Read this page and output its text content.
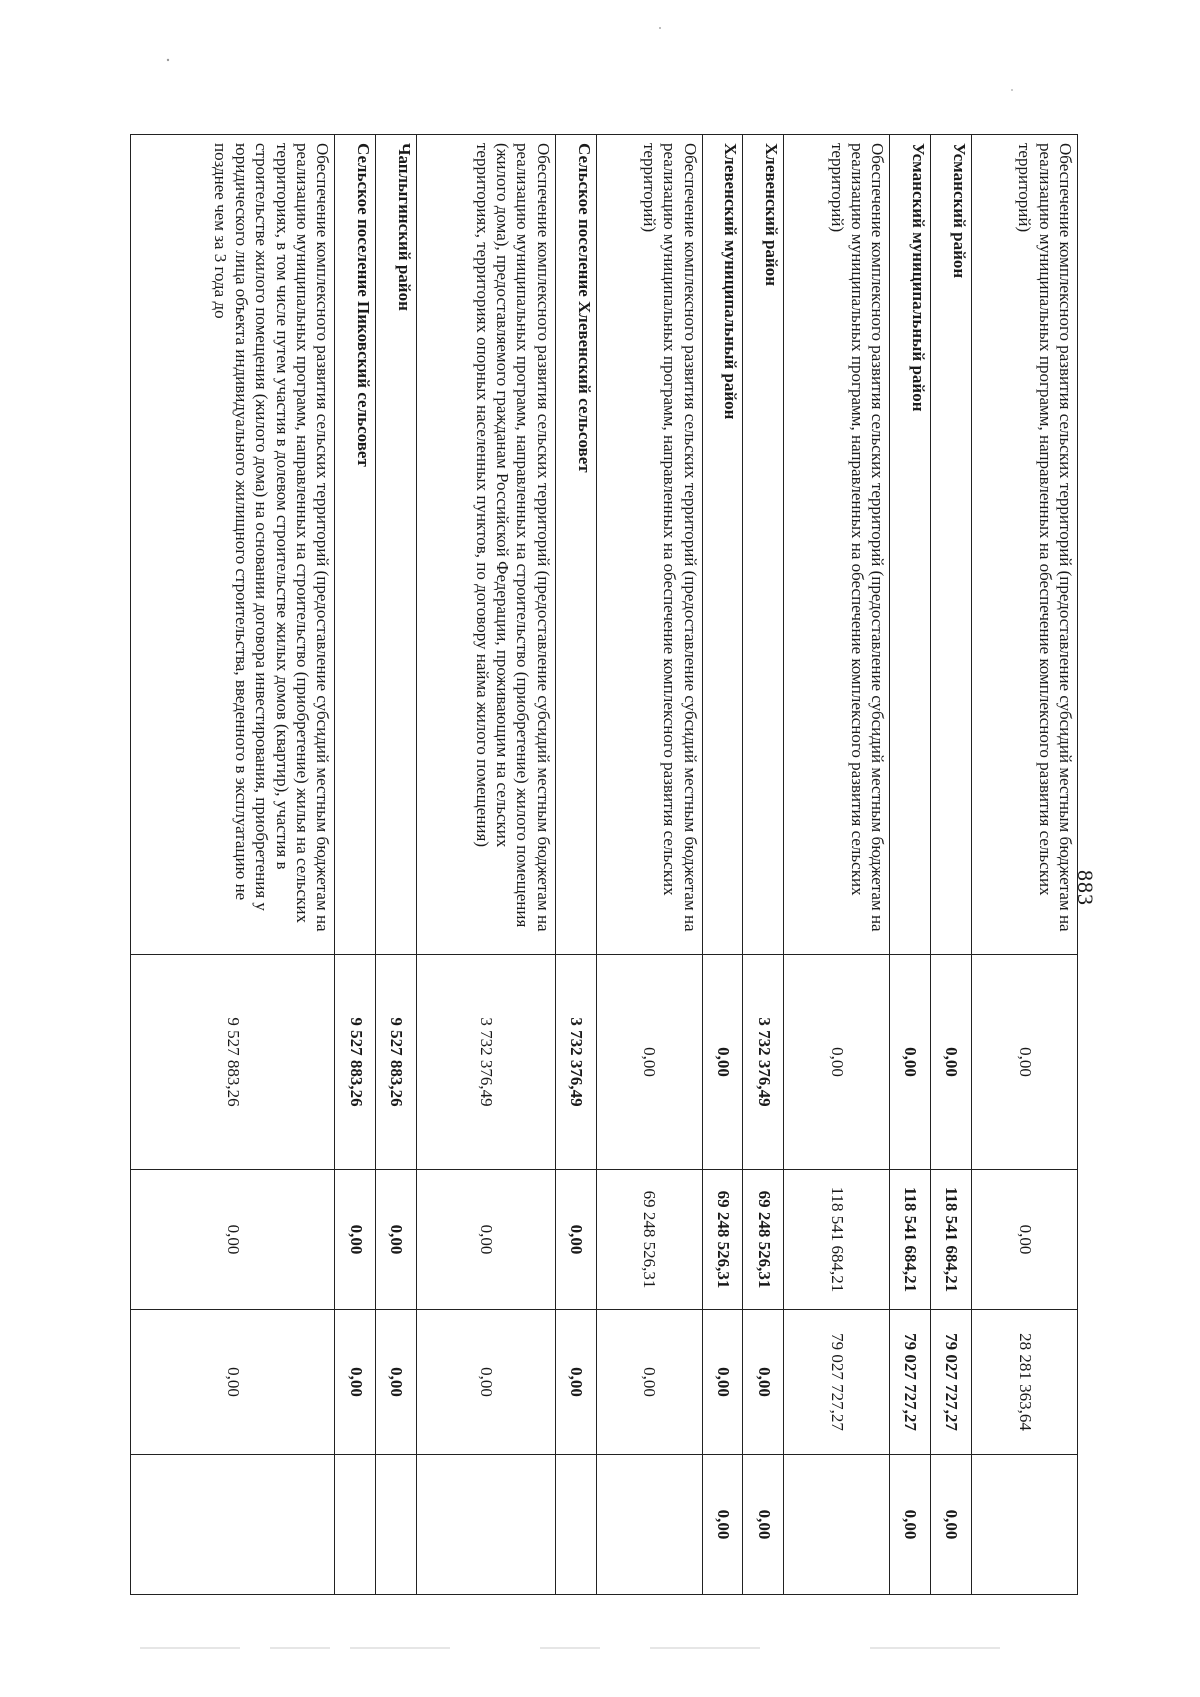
883
Обеспечение комплексного развития сельских территорий (предоставление субсидий местным бюджетам на реализацию муниципальных программ, направленных на обеспечение комплексного развития сельских территорий)	0,00	0,00	28 281 363,64	
Усманский район	0,00	118 541 684,21	79 027 727,27	0,00
Усманский муниципальный район	0,00	118 541 684,21	79 027 727,27	0,00
Обеспечение комплексного развития сельских территорий (предоставление субсидий местным бюджетам на реализацию муниципальных программ, направленных на обеспечение комплексного развития сельских территорий)	0,00	118 541 684,21	79 027 727,27	
Хлевенский район	3 732 376,49	69 248 526,31	0,00	0,00
Хлевенский муниципальный район	0,00	69 248 526,31	0,00	0,00
Обеспечение комплексного развития сельских территорий (предоставление субсидий местным бюджетам на реализацию муниципальных программ, направленных на обеспечение комплексного развития сельских территорий)	0,00	69 248 526,31	0,00	
Сельское поселение Хлевенский сельсовет	3 732 376,49	0,00	0,00	
Обеспечение комплексного развития сельских территорий (предоставление субсидий местным бюджетам на реализацию муниципальных программ, направленных на строительство (приобретение) жилого помещения (жилого дома), предоставляемого гражданам Российской Федерации, проживающим на сельских территориях, территориях опорных населенных пунктов, по договору найма жилого помещения)	3 732 376,49	0,00	0,00	
Чаплыгинский район	9 527 883,26	0,00	0,00	
Сельское поселение Пиковский сельсовет	9 527 883,26	0,00	0,00	
Обеспечение комплексного развития сельских территорий (предоставление субсидий местным бюджетам на реализацию муниципальных программ, направленных на строительство (приобретение) жилья на сельских территориях, в том числе путем участия в долевом строительстве жилых домов (квартир), участия в строительстве жилого помещения (жилого дома) на основании договора инвестирования, приобретения у юридического лица объекта индивидуального жилищного строительства, введенного в эксплуатацию не позднее чем за 3 года до	9 527 883,26	0,00	0,00	
